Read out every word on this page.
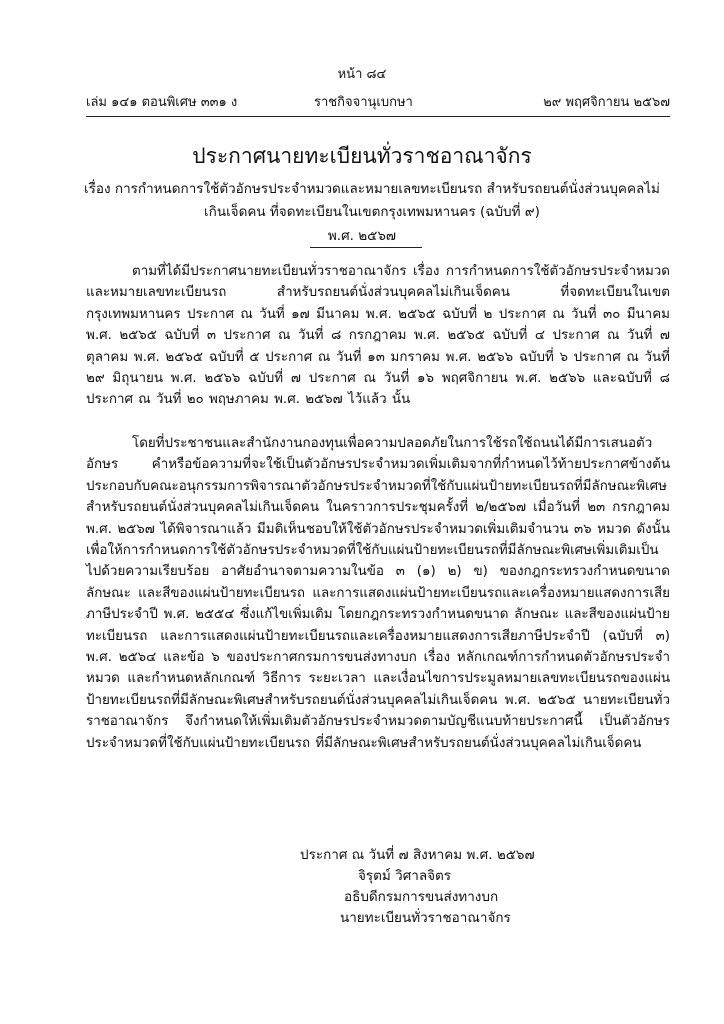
หน้า ๘๔
เล่ม ๑๔๑ ตอนพิเศษ ๓๓๑ ง	ราชกิจจานุเบกษา	๒๙ พฤศจิกายน ๒๕๖๗
ประกาศนายทะเบียนทั่วราชอาณาจักร
เรื่อง การกำหนดการใช้ตัวอักษรประจำหมวดและหมายเลขทะเบียนรถ สำหรับรถยนต์นั่งส่วนบุคคลไม่เกินเจ็ดคน ที่จดทะเบียนในเขตกรุงเทพมหานคร (ฉบับที่ ๙)
พ.ศ. ๒๕๖๗

ตามที่ได้มีประกาศนายทะเบียนทั่วราชอาณาจักร เรื่อง การกำหนดการใช้ตัวอักษรประจำหมวดและหมายเลขทะเบียนรถ สำหรับรถยนต์นั่งส่วนบุคคลไม่เกินเจ็ดคน ที่จดทะเบียนในเขตกรุงเทพมหานคร ประกาศ ณ วันที่ ๑๗ มีนาคม พ.ศ. ๒๕๖๕ ฉบับที่ ๒ ประกาศ ณ วันที่ ๓๐ มีนาคม พ.ศ. ๒๕๖๕ ฉบับที่ ๓ ประกาศ ณ วันที่ ๘ กรกฎาคม พ.ศ. ๒๕๖๕ ฉบับที่ ๔ ประกาศ ณ วันที่ ๗ ตุลาคม พ.ศ. ๒๕๖๕ ฉบับที่ ๕ ประกาศ ณ วันที่ ๑๓ มกราคม พ.ศ. ๒๕๖๖ ฉบับที่ ๖ ประกาศ ณ วันที่ ๒๙ มิถุนายน พ.ศ. ๒๕๖๖ ฉบับที่ ๗ ประกาศ ณ วันที่ ๑๖ พฤศจิกายน พ.ศ. ๒๕๖๖ และฉบับที่ ๘ ประกาศ ณ วันที่ ๒๐ พฤษภาคม พ.ศ. ๒๕๖๗ ไว้แล้ว นั้น

โดยที่ประชาชนและสำนักงานกองทุนเพื่อความปลอดภัยในการใช้รถใช้ถนนได้มีการเสนอตัวอักษร คำหรือข้อความที่จะใช้เป็นตัวอักษรประจำหมวดเพิ่มเติมจากที่กำหนดไว้ท้ายประกาศข้างต้น ประกอบกับคณะอนุกรรมการพิจารณาตัวอักษรประจำหมวดที่ใช้กับแผ่นป้ายทะเบียนรถที่มีลักษณะพิเศษสำหรับรถยนต์นั่งส่วนบุคคลไม่เกินเจ็ดคน ในคราวการประชุมครั้งที่ ๒/๒๕๖๗ เมื่อวันที่ ๒๓ กรกฎาคม พ.ศ. ๒๕๖๗ ได้พิจารณาแล้ว มีมติเห็นชอบให้ใช้ตัวอักษรประจำหมวดเพิ่มเติมจำนวน ๓๖ หมวด ดังนั้น เพื่อให้การกำหนดการใช้ตัวอักษรประจำหมวดที่ใช้กับแผ่นป้ายทะเบียนรถที่มีลักษณะพิเศษเพิ่มเติมเป็นไปด้วยความเรียบร้อย อาศัยอำนาจตามความในข้อ ๓ (๑) ๒) ข) ของกฎกระทรวงกำหนดขนาด ลักษณะ และสีของแผ่นป้ายทะเบียนรถ และการแสดงแผ่นป้ายทะเบียนรถและเครื่องหมายแสดงการเสียภาษีประจำปี พ.ศ. ๒๕๕๔ ซึ่งแก้ไขเพิ่มเติม โดยกฎกระทรวงกำหนดขนาด ลักษณะ และสีของแผ่นป้ายทะเบียนรถ และการแสดงแผ่นป้ายทะเบียนรถและเครื่องหมายแสดงการเสียภาษีประจำปี (ฉบับที่ ๓) พ.ศ. ๒๕๖๔ และข้อ ๖ ของประกาศกรมการขนส่งทางบก เรื่อง หลักเกณฑ์การกำหนดตัวอักษรประจำหมวด และกำหนดหลักเกณฑ์ วิธีการ ระยะเวลา และเงื่อนไขการประมูลหมายเลขทะเบียนรถของแผ่นป้ายทะเบียนรถที่มีลักษณะพิเศษสำหรับรถยนต์นั่งส่วนบุคคลไม่เกินเจ็ดคน พ.ศ. ๒๕๖๕ นายทะเบียนทั่วราชอาณาจักร จึงกำหนดให้เพิ่มเติมตัวอักษรประจำหมวดตามบัญชีแนบท้ายประกาศนี้ เป็นตัวอักษรประจำหมวดที่ใช้กับแผ่นป้ายทะเบียนรถ ที่มีลักษณะพิเศษสำหรับรถยนต์นั่งส่วนบุคคลไม่เกินเจ็ดคน

ประกาศ ณ วันที่ ๗ สิงหาคม พ.ศ. ๒๕๖๗
จิรุตม์ วิศาลจิตร
อธิบดีกรมการขนส่งทางบก
นายทะเบียนทั่วราชอาณาจักร
